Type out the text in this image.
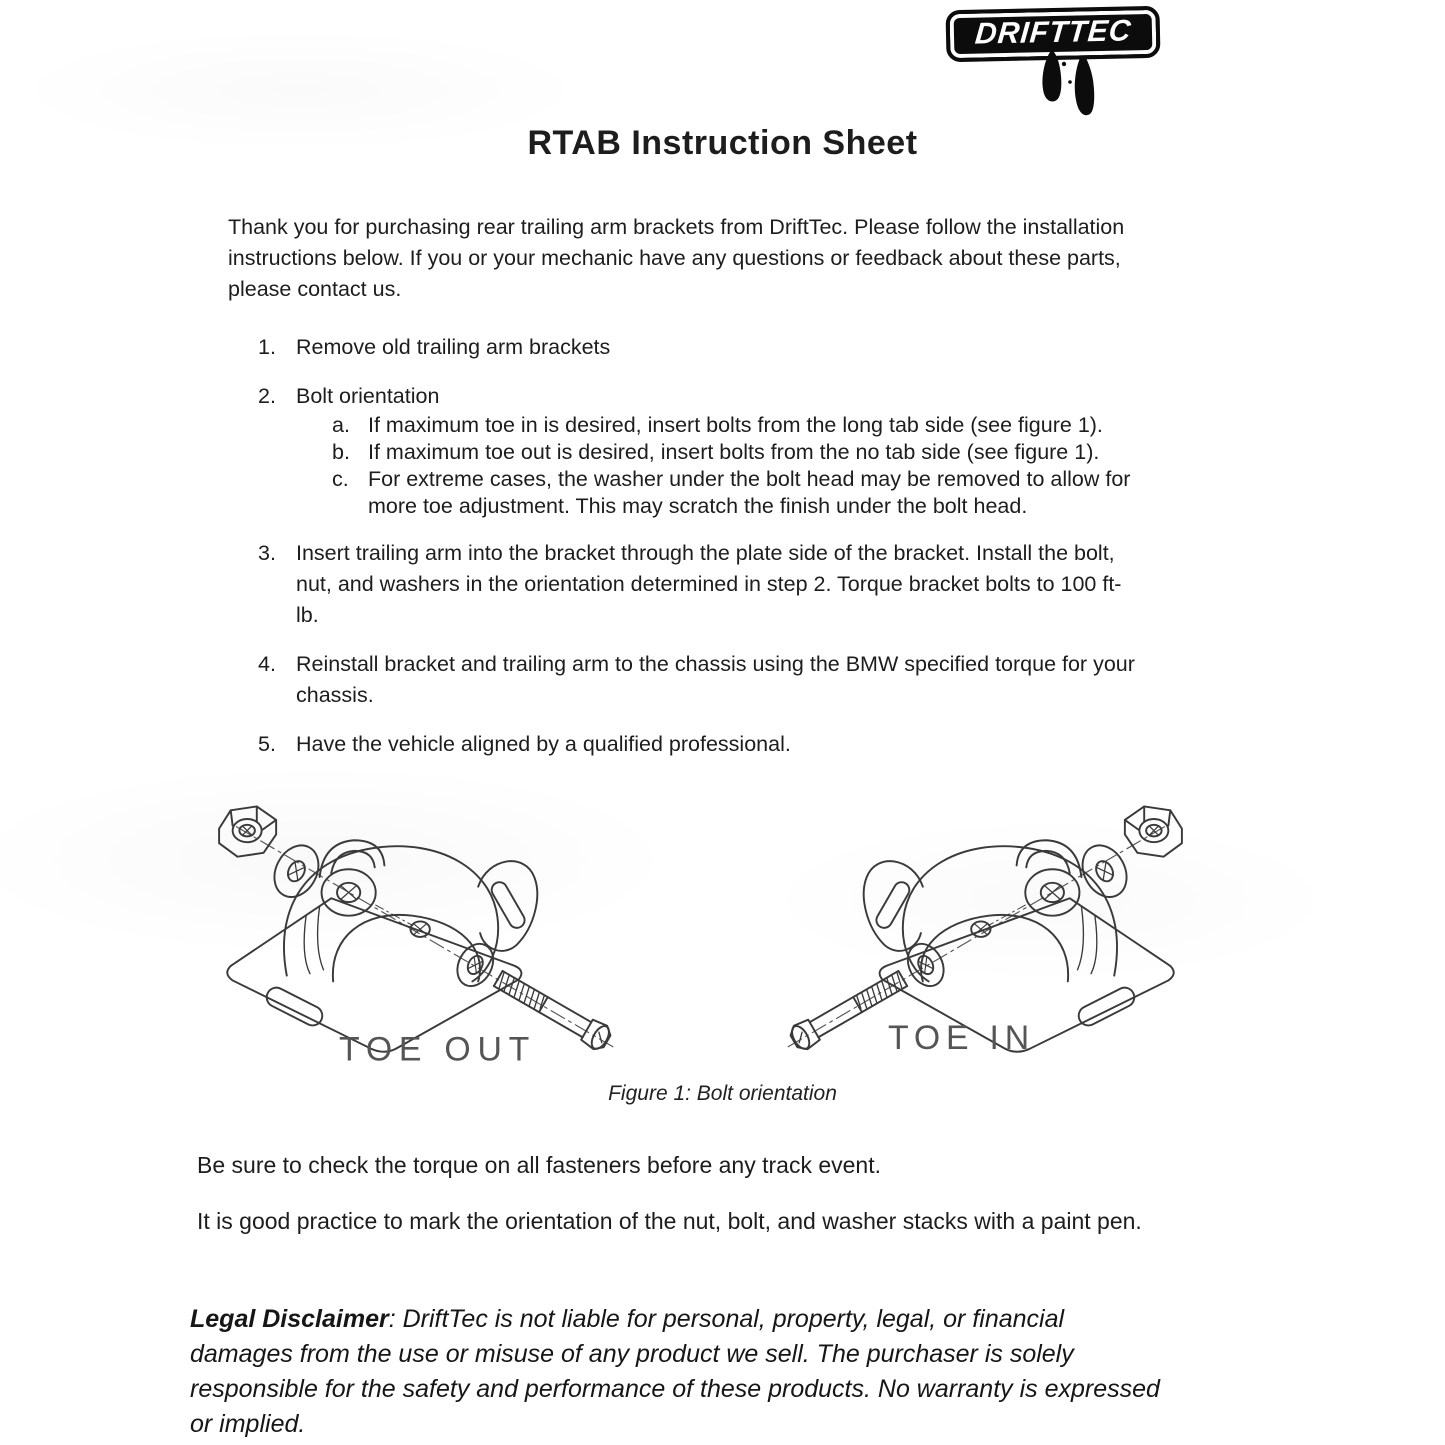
DRIFTTEC
RTAB Instruction Sheet
Thank you for purchasing rear trailing arm brackets from DriftTec. Please follow the installation
instructions below. If you or your mechanic have any questions or feedback about these parts,
please contact us.
1. Remove old trailing arm brackets
2. Bolt orientation
a. If maximum toe in is desired, insert bolts from the long tab side (see figure 1).
b. If maximum toe out is desired, insert bolts from the no tab side (see figure 1).
c. For extreme cases, the washer under the bolt head may be removed to allow for
more toe adjustment. This may scratch the finish under the bolt head.
3. Insert trailing arm into the bracket through the plate side of the bracket. Install the bolt,
nut, and washers in the orientation determined in step 2. Torque bracket bolts to 100 ft-
lb.
4. Reinstall bracket and trailing arm to the chassis using the BMW specified torque for your
chassis.
5. Have the vehicle aligned by a qualified professional.
TOE OUT	TOE IN
Figure 1: Bolt orientation
Be sure to check the torque on all fasteners before any track event.
It is good practice to mark the orientation of the nut, bolt, and washer stacks with a paint pen.

Legal Disclaimer: DriftTec is not liable for personal, property, legal, or financial

damages from the use or misuse of any product we sell. The purchaser is solely

responsible for the safety and performance of these products. No warranty is expressed

or implied.
